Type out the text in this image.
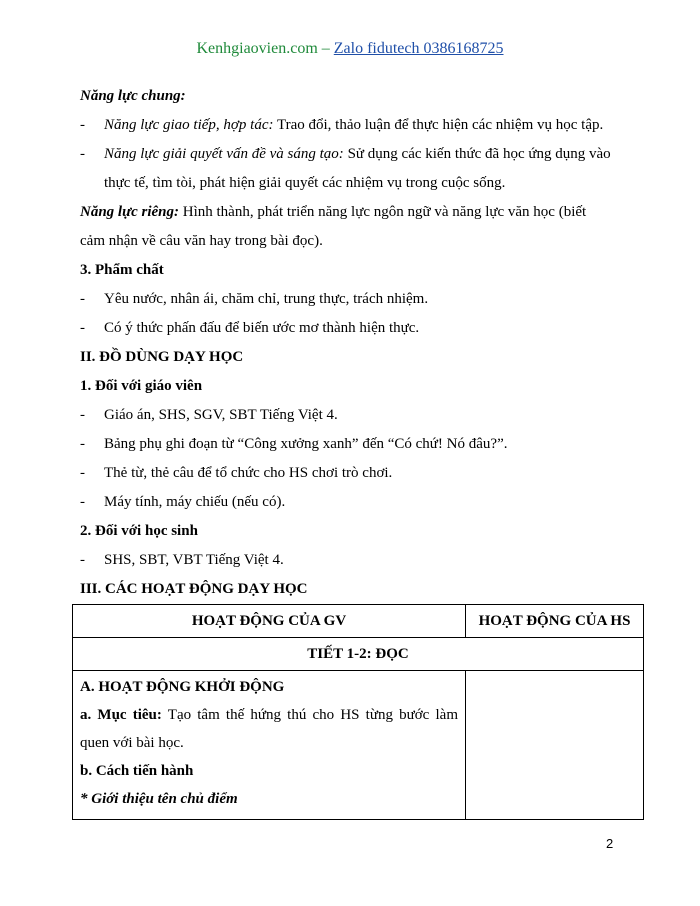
Kenhgiaovien.com – Zalo fidutech 0386168725
Năng lực chung:
-	Năng lực giao tiếp, hợp tác: Trao đổi, thảo luận để thực hiện các nhiệm vụ học tập.
-	Năng lực giải quyết vấn đề và sáng tạo: Sử dụng các kiến thức đã học ứng dụng vào
thực tế, tìm tòi, phát hiện giải quyết các nhiệm vụ trong cuộc sống.
Năng lực riêng: Hình thành, phát triển năng lực ngôn ngữ và năng lực văn học (biết
cảm nhận về câu văn hay trong bài đọc).
3. Phẩm chất
-	Yêu nước, nhân ái, chăm chỉ, trung thực, trách nhiệm.
-	Có ý thức phấn đấu để biến ước mơ thành hiện thực.
II. ĐỒ DÙNG DẠY HỌC
1. Đối với giáo viên
-	Giáo án, SHS, SGV, SBT Tiếng Việt 4.
-	Bảng phụ ghi đoạn từ “Công xưởng xanh” đến “Có chứ! Nó đâu?”.
-	Thẻ từ, thẻ câu để tổ chức cho HS chơi trò chơi.
-	Máy tính, máy chiếu (nếu có).
2. Đối với học sinh
-	SHS, SBT, VBT Tiếng Việt 4.
III. CÁC HOẠT ĐỘNG DẠY HỌC
HOẠT ĐỘNG CỦA GV	HOẠT ĐỘNG CỦA HS
TIẾT 1-2: ĐỌC	

A. HOẠT ĐỘNG KHỞI ĐỘNG
a. Mục tiêu: Tạo tâm thế hứng thú cho HS từng bước làm
quen với bài học.
b. Cách tiến hành
* Giới thiệu tên chủ điểm	

2
